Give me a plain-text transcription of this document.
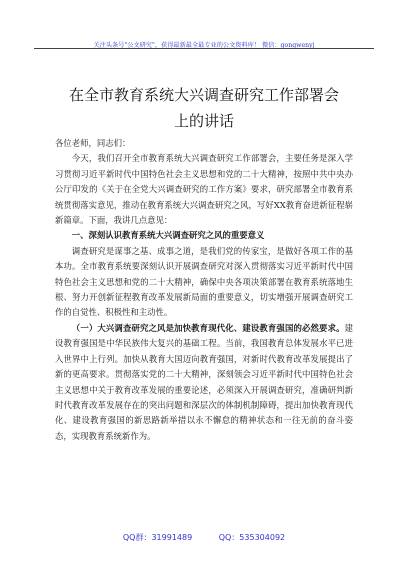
关注头条号"公文研究"，获得最新最全最专业的公文资料库！ 微信：gongwenyj
在全市教育系统大兴调查研究工作部署会
上的讲话

各位老师，同志们：

今天，我们召开全市教育系统大兴调查研究工作部署会，主要任务是深入学习贯彻习近平新时代中国特色社会主义思想和党的二十大精神，按照中共中央办公厅印发的《关于在全党大兴调查研究的工作方案》要求，研究部署全市教育系统贯彻落实意见，推动在教育系统大兴调查研究之风，写好XX教育奋进新征程崭新篇章。下面，我讲几点意见：

一、深刻认识教育系统大兴调查研究之风的重要意义

调查研究是谋事之基、成事之道，是我们党的传家宝，是做好各项工作的基本功。全市教育系统要深刻认识开展调查研究对深入贯彻落实习近平新时代中国特色社会主义思想和党的二十大精神，确保中央各项决策部署在教育系统落地生根、努力开创新征程教育改革发展新局面的重要意义，切实增强开展调查研究工作的自觉性、积极性和主动性。

（一）大兴调查研究之风是加快教育现代化、建设教育强国的必然要求。建设教育强国是中华民族伟大复兴的基础工程。当前，我国教育总体发展水平已进入世界中上行列。加快从教育大国迈向教育强国，对新时代教育改革发展提出了新的更高要求。贯彻落实党的二十大精神，深刻领会习近平新时代中国特色社会主义思想中关于教育改革发展的重要论述，必须深入开展调查研究，准确研判新时代教育改革发展存在的突出问题和深层次的体制机制障碍，提出加快教育现代化、建设教育强国的新思路新举措以永不懈怠的精神状态和一往无前的奋斗姿态，实现教育系统新作为。

QQ群：31991489	QQ：535304092
